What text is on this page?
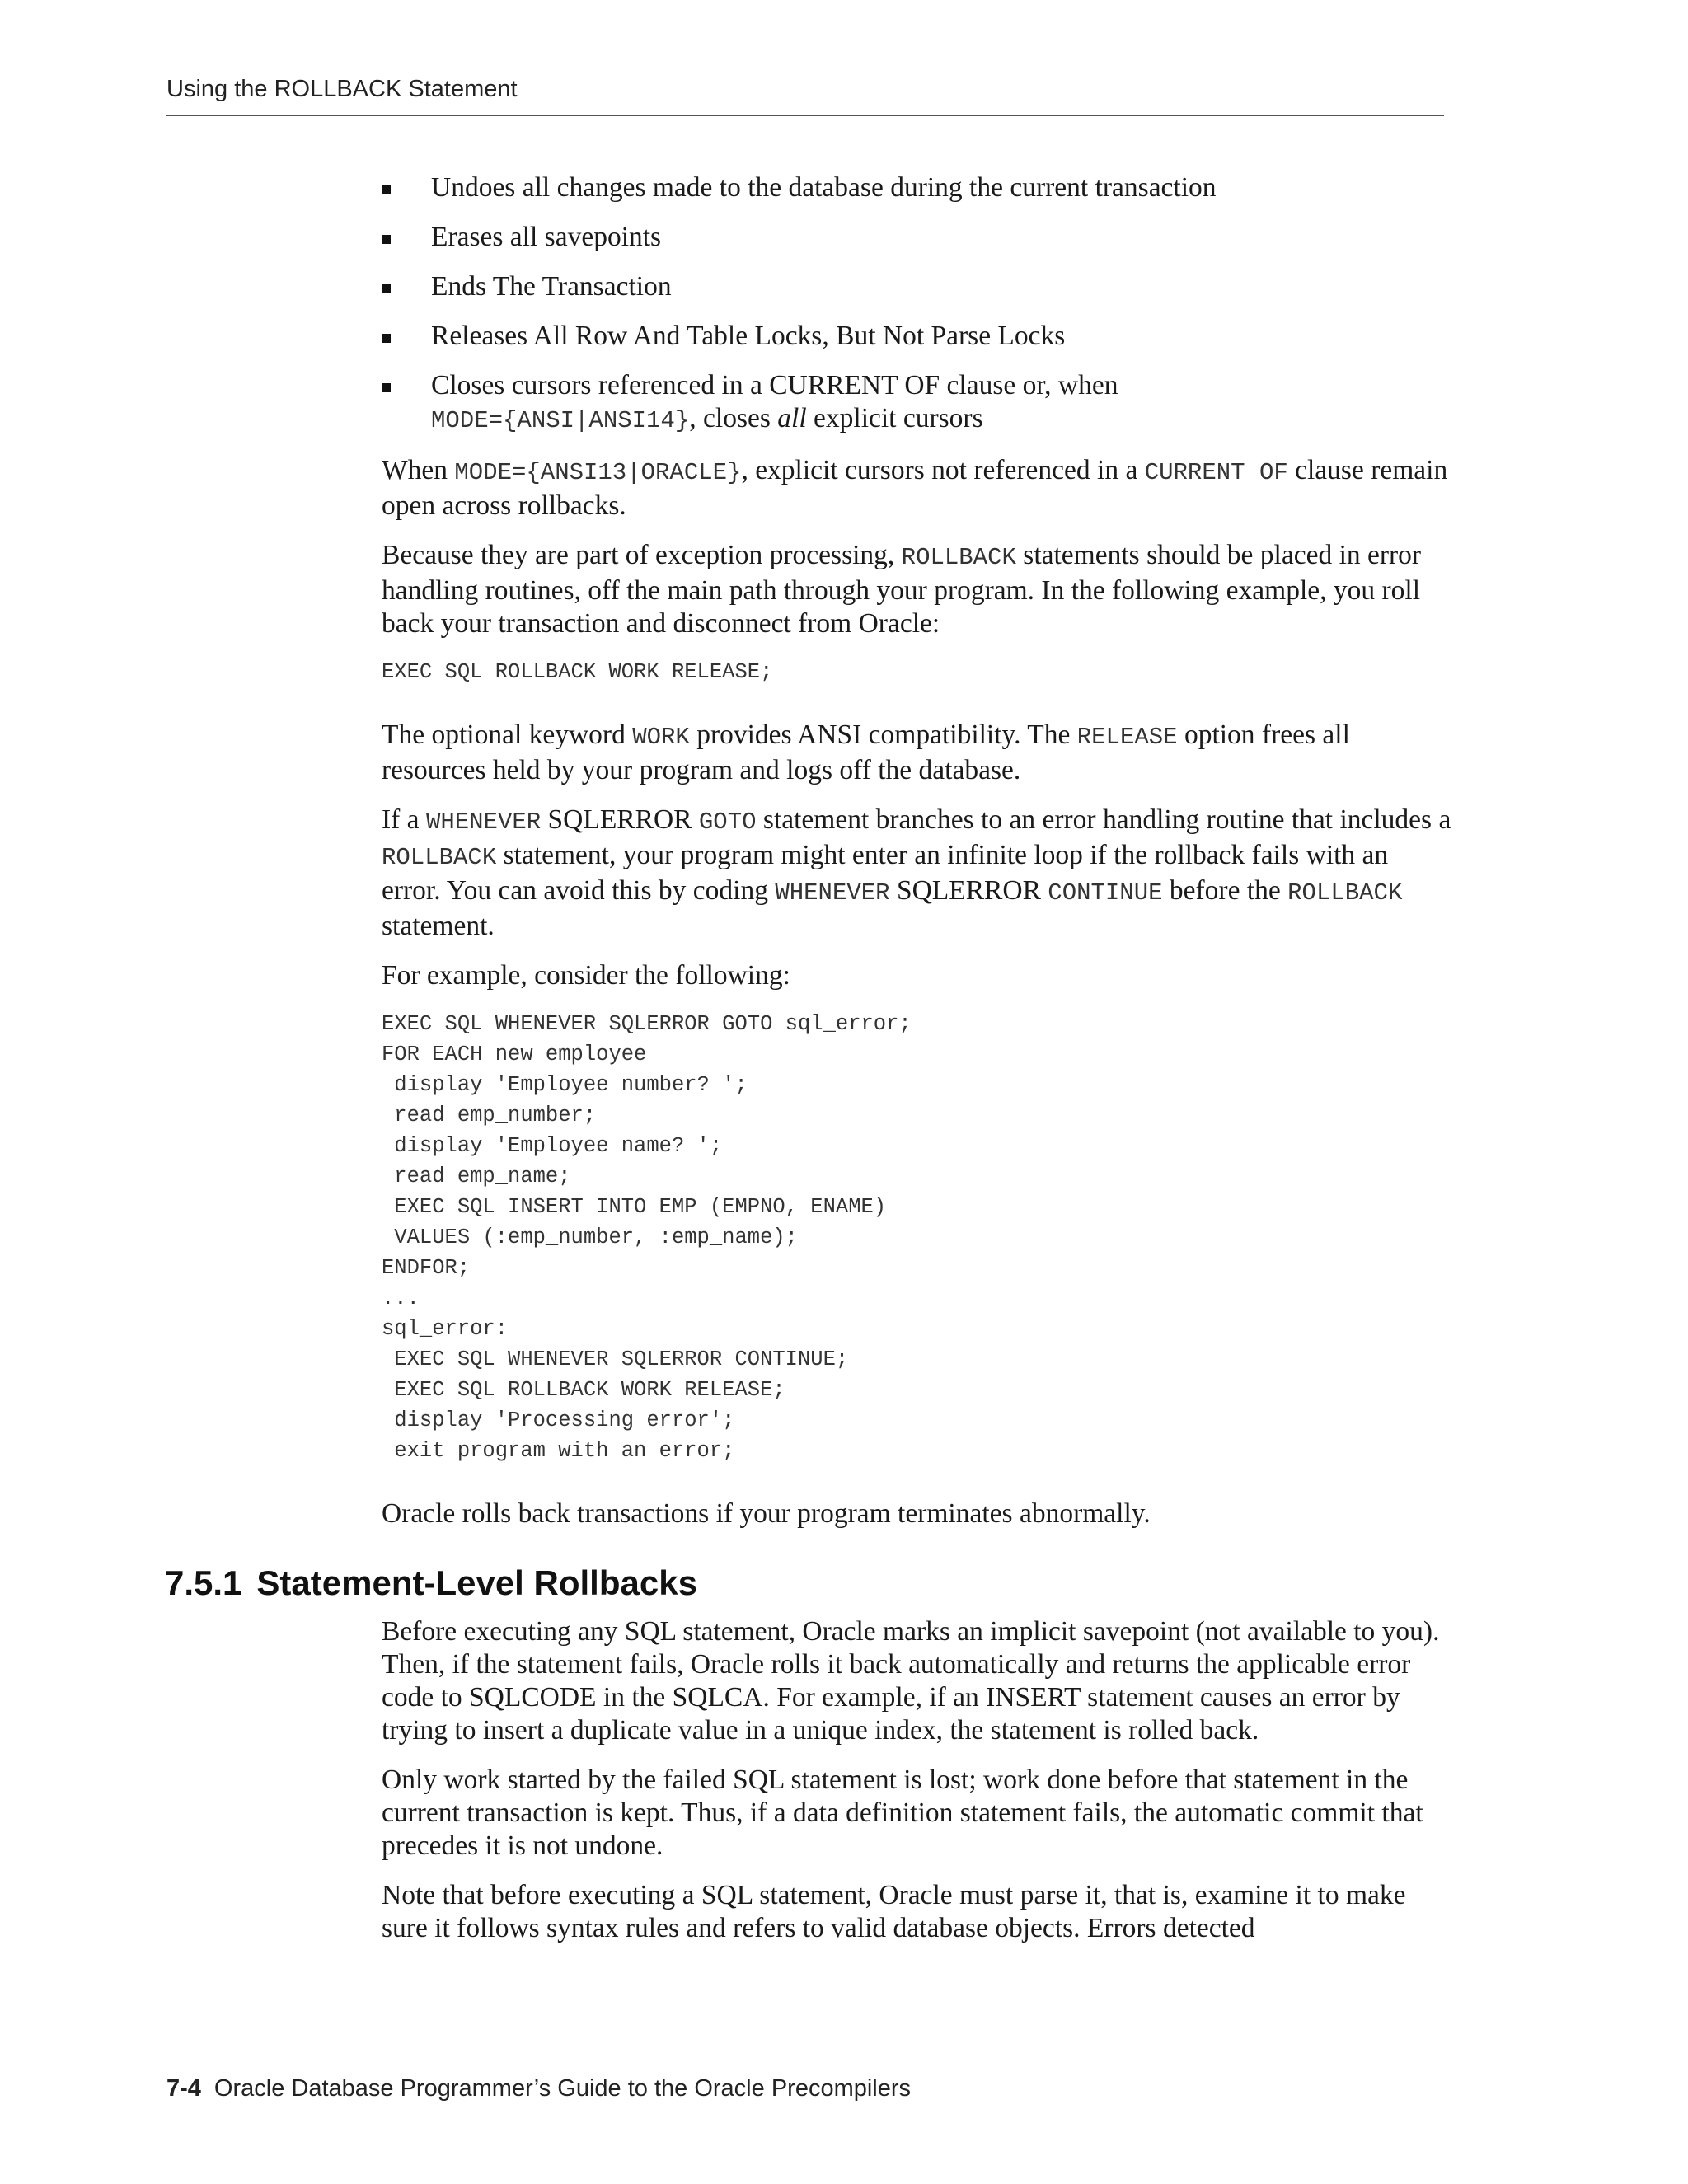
Using the ROLLBACK Statement
Undoes all changes made to the database during the current transaction
Erases all savepoints
Ends The Transaction
Releases All Row And Table Locks, But Not Parse Locks
Closes cursors referenced in a CURRENT OF clause or, when
MODE={ANSI|ANSI14}, closes all explicit cursors

When MODE={ANSI13|ORACLE}, explicit cursors not referenced in a CURRENT OF clause remain open across rollbacks.

Because they are part of exception processing, ROLLBACK statements should be placed in error handling routines, off the main path through your program. In the following example, you roll back your transaction and disconnect from Oracle:

EXEC SQL ROLLBACK WORK RELEASE;

The optional keyword WORK provides ANSI compatibility. The RELEASE option frees all resources held by your program and logs off the database.

If a WHENEVER SQLERROR GOTO statement branches to an error handling routine that includes a ROLLBACK statement, your program might enter an infinite loop if the rollback fails with an error. You can avoid this by coding WHENEVER SQLERROR CONTINUE before the ROLLBACK statement.

For example, consider the following:

EXEC SQL WHENEVER SQLERROR GOTO sql_error;
FOR EACH new employee
display 'Employee number? ';
read emp_number;
display 'Employee name? ';
read emp_name;
EXEC SQL INSERT INTO EMP (EMPNO, ENAME)
VALUES (:emp_number, :emp_name);
ENDFOR;
...
sql_error:
EXEC SQL WHENEVER SQLERROR CONTINUE;
EXEC SQL ROLLBACK WORK RELEASE;
display 'Processing error';
exit program with an error;

Oracle rolls back transactions if your program terminates abnormally.

7.5.1 Statement-Level Rollbacks

Before executing any SQL statement, Oracle marks an implicit savepoint (not available to you). Then, if the statement fails, Oracle rolls it back automatically and returns the applicable error code to SQLCODE in the SQLCA. For example, if an INSERT statement causes an error by trying to insert a duplicate value in a unique index, the statement is rolled back.

Only work started by the failed SQL statement is lost; work done before that statement in the current transaction is kept. Thus, if a data definition statement fails, the automatic commit that precedes it is not undone.

Note that before executing a SQL statement, Oracle must parse it, that is, examine it to make sure it follows syntax rules and refers to valid database objects. Errors detected

7-4 Oracle Database Programmer’s Guide to the Oracle Precompilers
